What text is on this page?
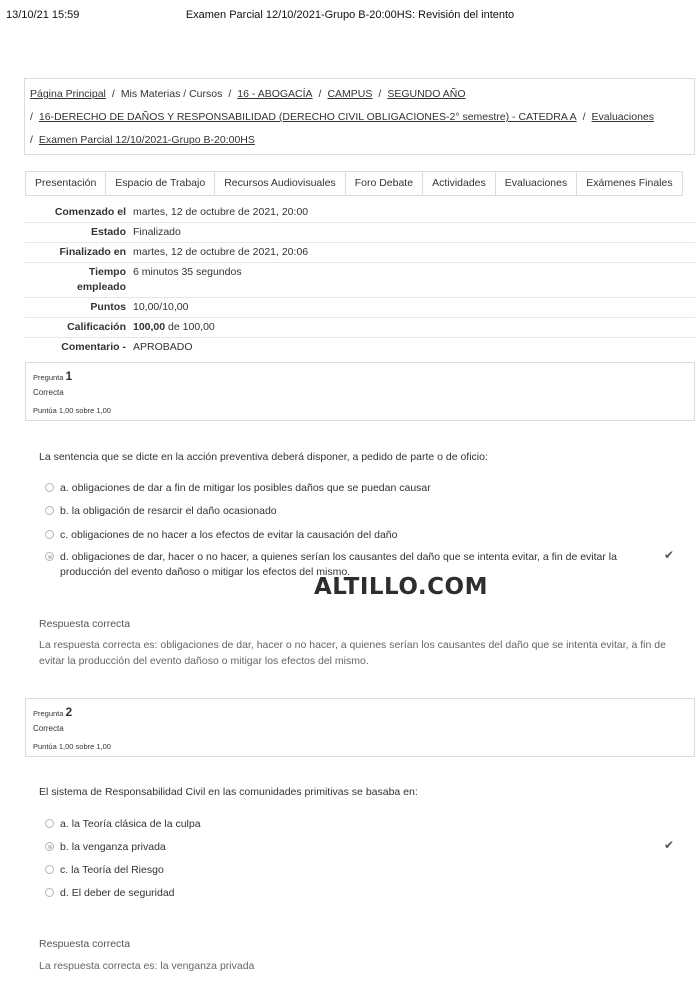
13/10/21 15:59	Examen Parcial 12/10/2021-Grupo B-20:00HS: Revisión del intento
Página Principal / Mis Materias / Cursos / 16 - ABOGACÍA / CAMPUS / SEGUNDO AÑO
/ 16-DERECHO DE DAÑOS Y RESPONSABILIDAD (DERECHO CIVIL OBLIGACIONES-2° semestre) - CATEDRA A / Evaluaciones
/ Examen Parcial 12/10/2021-Grupo B-20:00HS
Presentación	Espacio de Trabajo	Recursos Audiovisuales	Foro Debate	Actividades	Evaluaciones	Exámenes Finales
Comenzado el martes, 12 de octubre de 2021, 20:00
Estado Finalizado
Finalizado en martes, 12 de octubre de 2021, 20:06
Tiempo
empleado
6 minutos 35 segundos
Puntos 10,00/10,00
Calificación 100,00 de 100,00
Comentario - APROBADO
Pregunta 1
Correcta
Puntúa 1,00 sobre 1,00
La sentencia que se dicte en la acción preventiva deberá disponer, a pedido de parte o de oficio:
a. obligaciones de dar a fin de mitigar los posibles daños que se puedan causar
b. la obligación de resarcir el daño ocasionado
c. obligaciones de no hacer a los efectos de evitar la causación del daño
d. obligaciones de dar, hacer o no hacer, a quienes serían los causantes del daño que se intenta evitar, a fin de evitar la producción del evento dañoso o mitigar los efectos del mismo.
✔
ALTILLO.COM
Respuesta correcta
La respuesta correcta es: obligaciones de dar, hacer o no hacer, a quienes serían los causantes del daño que se intenta evitar, a fin de evitar la producción del evento dañoso o mitigar los efectos del mismo.
Pregunta 2
Correcta
Puntúa 1,00 sobre 1,00
El sistema de Responsabilidad Civil en las comunidades primitivas se basaba en:
a. la Teoría clásica de la culpa
b. la venganza privada	✔
c. la Teoría del Riesgo
d. El deber de seguridad
Respuesta correcta
La respuesta correcta es: la venganza privada
